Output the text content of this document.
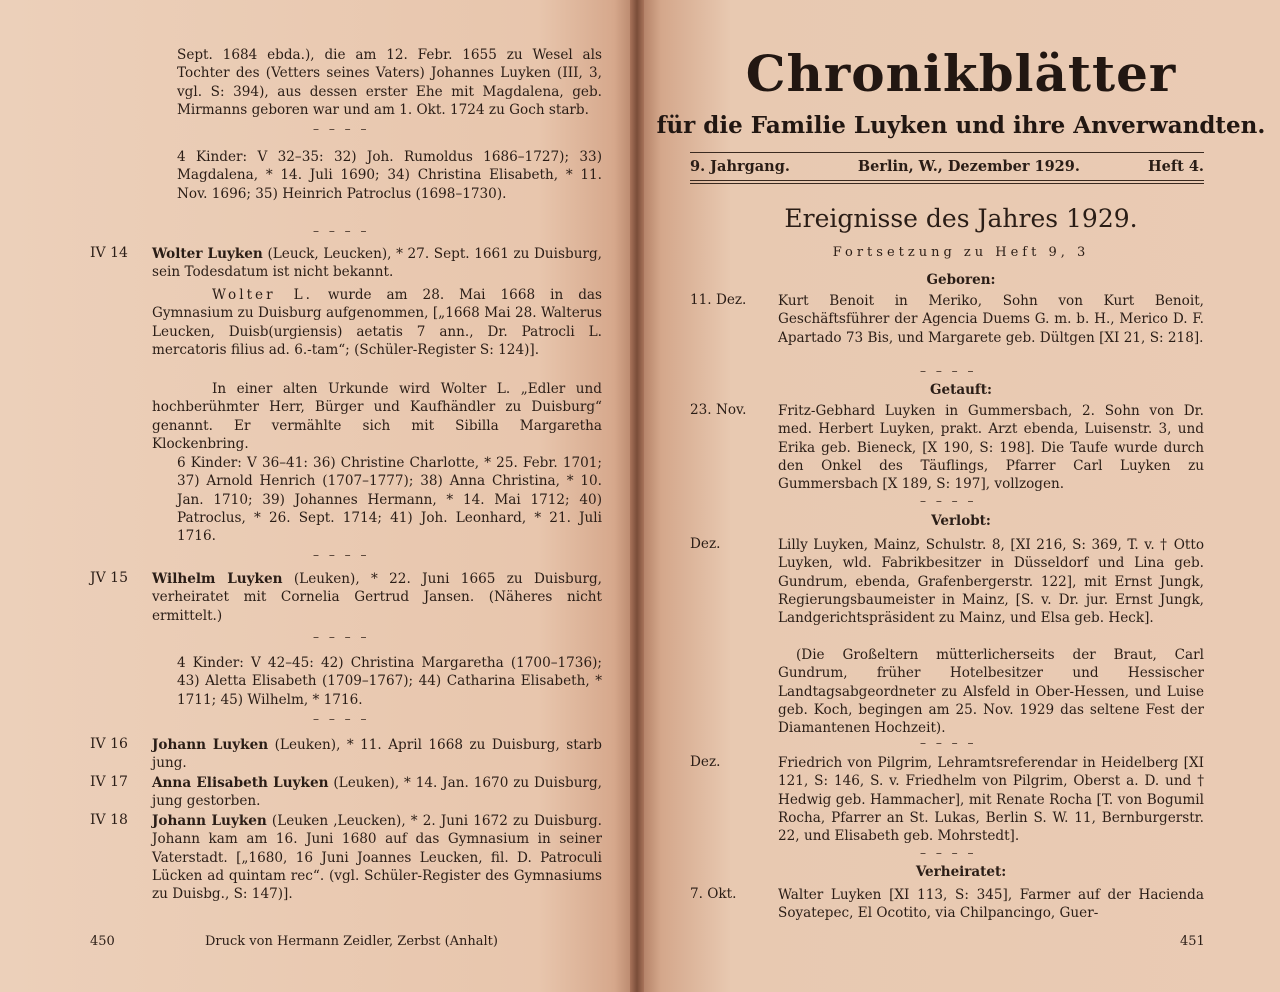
Sept. 1684 ebda.), die am 12. Febr. 1655 zu Wesel als Tochter des (Vetters seines Vaters) Johannes Luyken (III, 3, vgl. S: 394), aus dessen erster Ehe mit Magdalena, geb. Mirmanns geboren war und am 1. Okt. 1724 zu Goch starb.
– – – –
4 Kinder: V 32–35: 32) Joh. Rumoldus 1686–1727); 33) Magdalena, * 14. Juli 1690; 34) Christina Elisabeth, * 11. Nov. 1696; 35) Heinrich Patroclus (1698–1730).
– – – –
IV 14 Wolter Luyken (Leuck, Leucken), * 27. Sept. 1661 zu Duisburg, sein Todesdatum ist nicht bekannt.
Wolter L. wurde am 28. Mai 1668 in das Gymnasium zu Duisburg aufgenommen, [„1668 Mai 28. Walterus Leucken, Duisb(urgiensis) aetatis 7 ann., Dr. Patrocli L. mercatoris filius ad. 6.-tam“; (Schüler-Register S: 124)].
In einer alten Urkunde wird Wolter L. „Edler und hochberühmter Herr, Bürger und Kaufhändler zu Duisburg“ genannt. Er vermählte sich mit Sibilla Margaretha Klockenbring.
6 Kinder: V 36–41: 36) Christine Charlotte, * 25. Febr. 1701; 37) Arnold Henrich (1707–1777); 38) Anna Christina, * 10. Jan. 1710; 39) Johannes Hermann, * 14. Mai 1712; 40) Patroclus, * 26. Sept. 1714; 41) Joh. Leonhard, * 21. Juli 1716.
– – – –
JV 15 Wilhelm Luyken (Leuken), * 22. Juni 1665 zu Duisburg, verheiratet mit Cornelia Gertrud Jansen. (Näheres nicht ermittelt.)
– – – –
4 Kinder: V 42–45: 42) Christina Margaretha (1700–1736); 43) Aletta Elisabeth (1709–1767); 44) Catharina Elisabeth, * 1711; 45) Wilhelm, * 1716.
– – – –
IV 16 Johann Luyken (Leuken), * 11. April 1668 zu Duisburg, starb jung.
IV 17 Anna Elisabeth Luyken (Leuken), * 14. Jan. 1670 zu Duisburg, jung gestorben.
IV 18 Johann Luyken (Leuken ,Leucken), * 2. Juni 1672 zu Duisburg. Johann kam am 16. Juni 1680 auf das Gymnasium in seiner Vaterstadt. [„1680, 16 Juni Joannes Leucken, fil. D. Patroculi Lücken ad quintam rec“. (vgl. Schüler-Register des Gymnasiums zu Duisbg., S: 147)].
450	Druck von Hermann Zeidler, Zerbst (Anhalt)
Chronikblätter
für die Familie Luyken und ihre Anverwandten.
9. Jahrgang.	Berlin, W., Dezember 1929.	Heft 4.
Ereignisse des Jahres 1929.
Fortsetzung zu Heft 9, 3
Geboren:
11. Dez. Kurt Benoit in Meriko, Sohn von Kurt Benoit, Geschäftsführer der Agencia Duems G. m. b. H., Merico D. F. Apartado 73 Bis, und Margarete geb. Dültgen [XI 21, S: 218].
– – – –
Getauft:
23. Nov. Fritz-Gebhard Luyken in Gummersbach, 2. Sohn von Dr. med. Herbert Luyken, prakt. Arzt ebenda, Luisenstr. 3, und Erika geb. Bieneck, [X 190, S: 198]. Die Taufe wurde durch den Onkel des Täuflings, Pfarrer Carl Luyken zu Gummersbach [X 189, S: 197], vollzogen.
– – – –
Verlobt:
Dez.	Lilly Luyken, Mainz, Schulstr. 8, [XI 216, S: 369, T. v. † Otto Luyken, wld. Fabrikbesitzer in Düsseldorf und Lina geb. Gundrum, ebenda, Grafenbergerstr. 122], mit Ernst Jungk, Regierungsbaumeister in Mainz, [S. v. Dr. jur. Ernst Jungk, Landgerichtspräsident zu Mainz, und Elsa geb. Heck].
(Die Großeltern mütterlicherseits der Braut, Carl Gundrum, früher Hotelbesitzer und Hessischer Landtagsabgeordneter zu Alsfeld in Ober-Hessen, und Luise geb. Koch, begingen am 25. Nov. 1929 das seltene Fest der Diamantenen Hochzeit).
– – – –
Dez.	Friedrich von Pilgrim, Lehramtsreferendar in Heidelberg [XI 121, S: 146, S. v. Friedhelm von Pilgrim, Oberst a. D. und † Hedwig geb. Hammacher], mit Renate Rocha [T. von Bogumil Rocha, Pfarrer an St. Lukas, Berlin S. W. 11, Bernburgerstr. 22, und Elisabeth geb. Mohrstedt].
– – – –
Verheiratet:
7. Okt.	Walter Luyken [XI 113, S: 345], Farmer auf der Hacienda Soyatepec, El Ocotito, via Chilpancingo, Guer-
451
